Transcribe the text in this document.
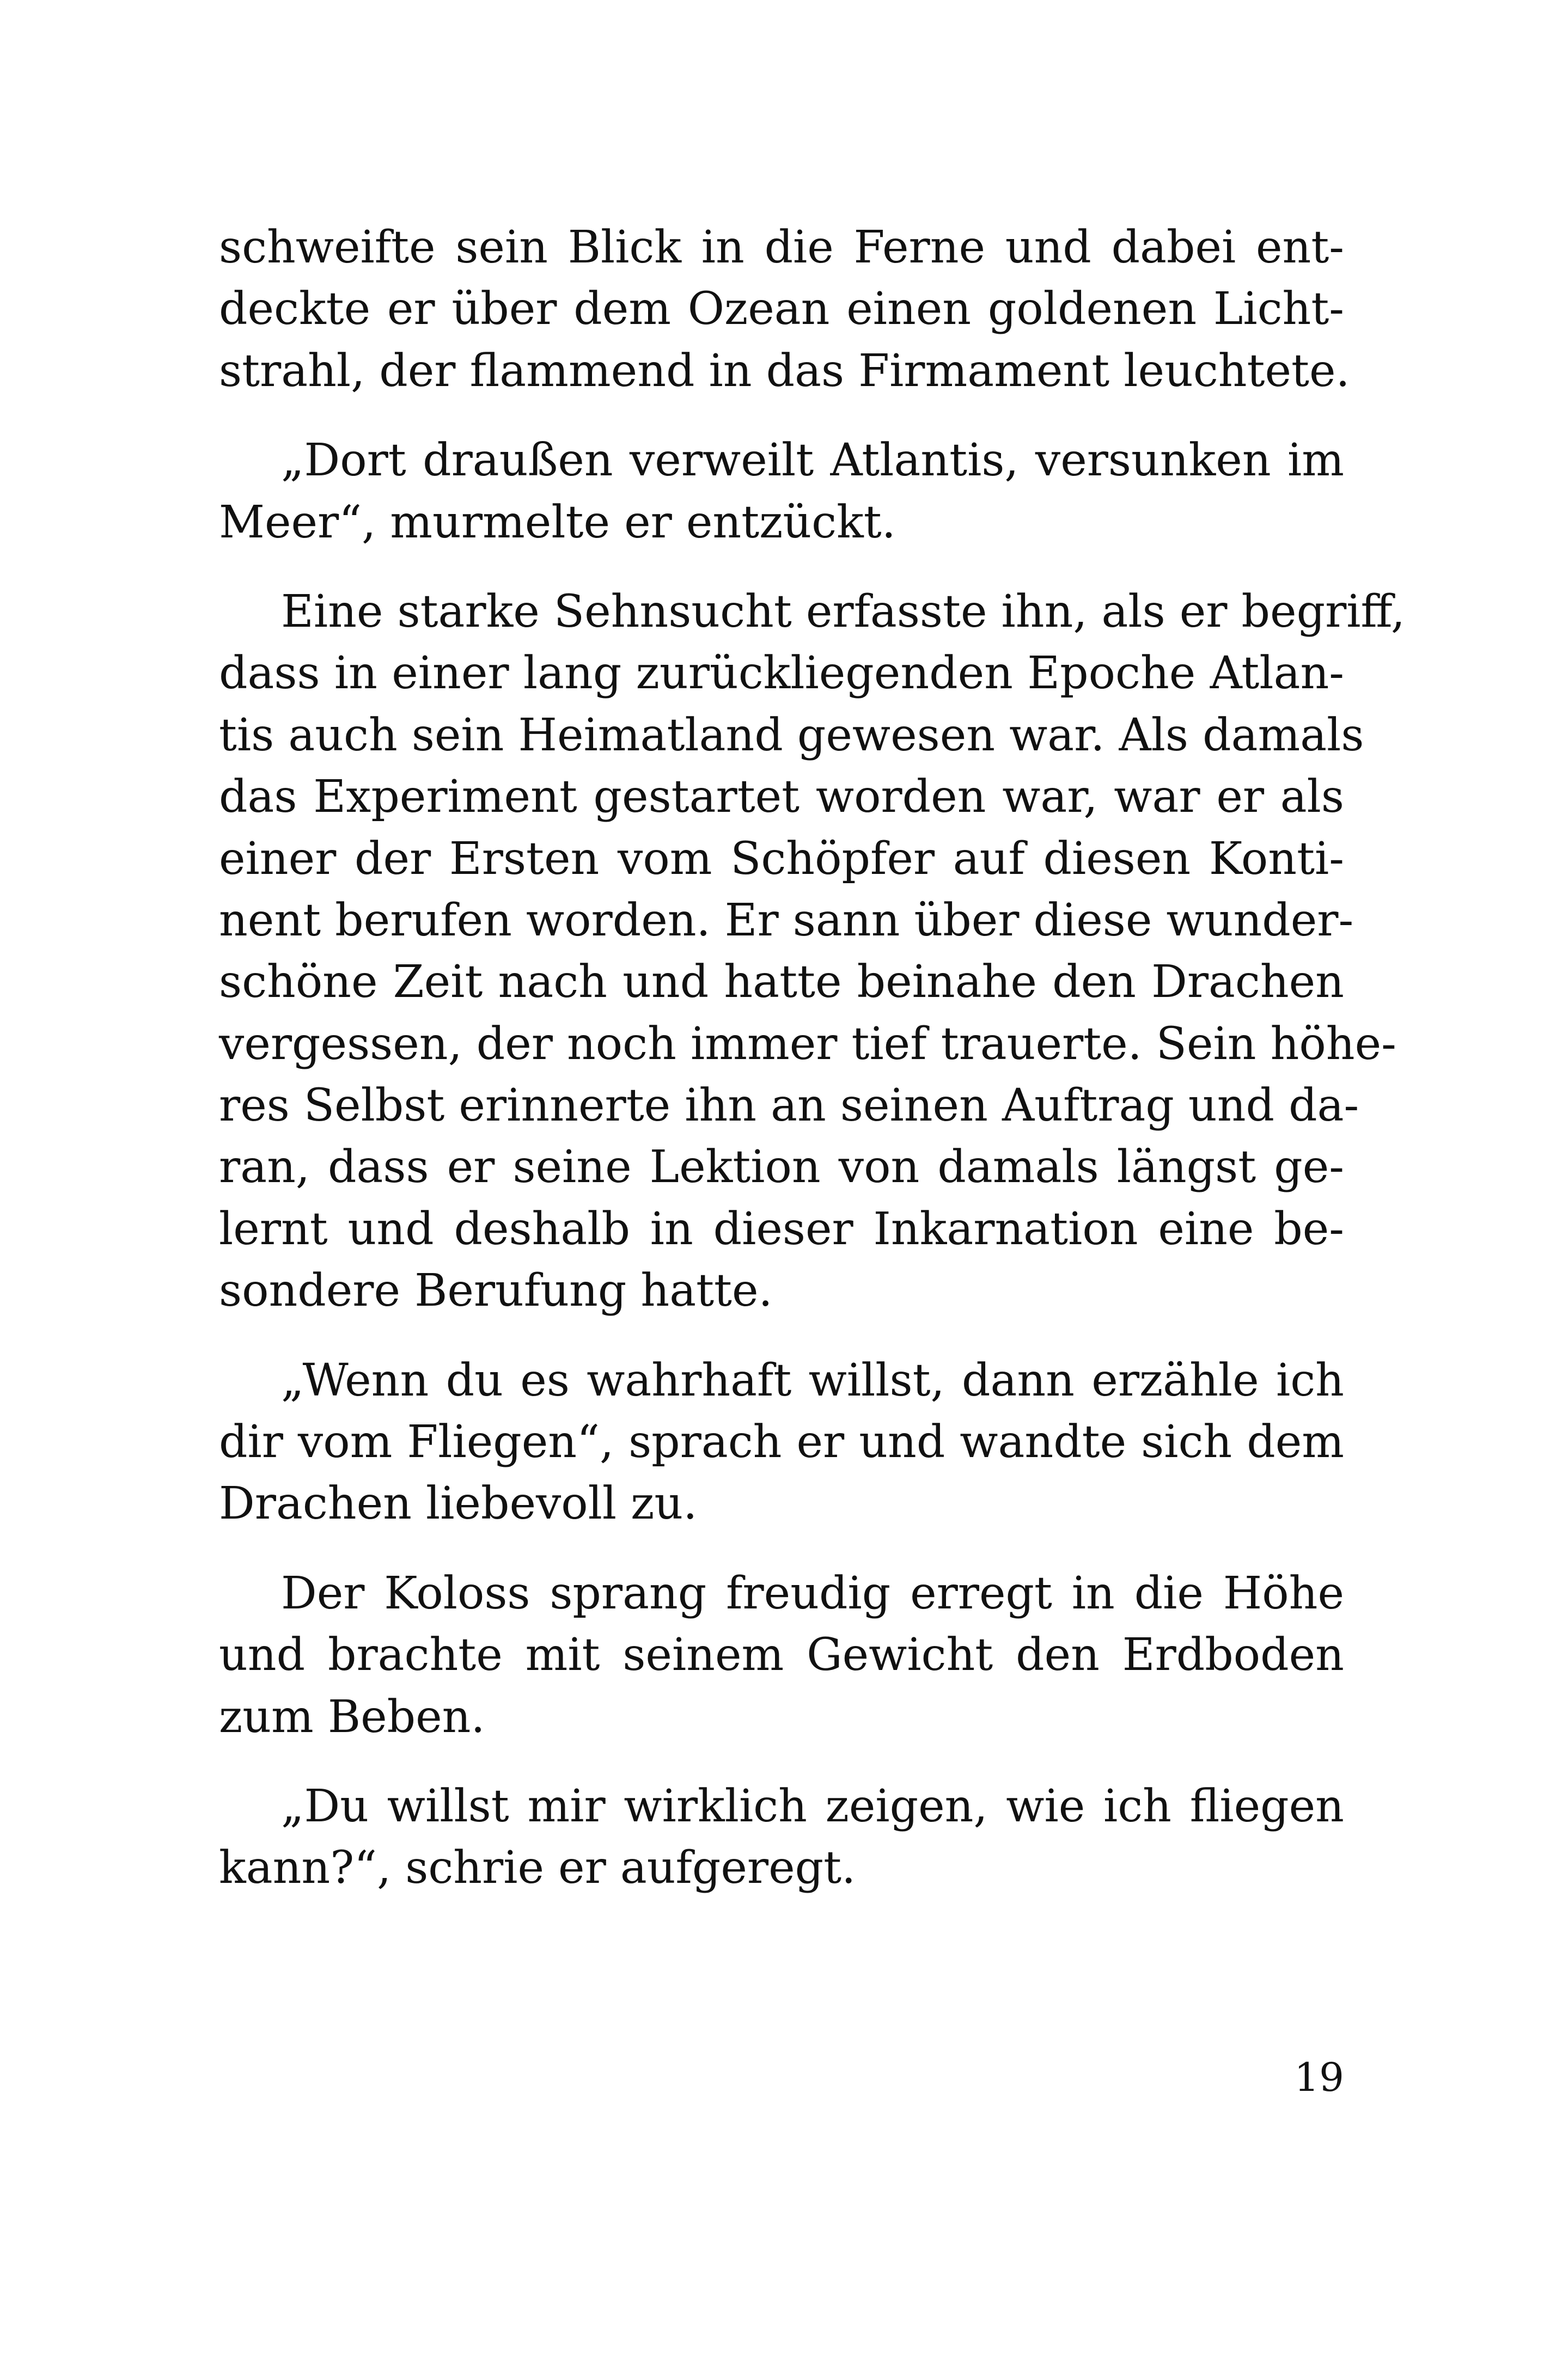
schweifte sein Blick in die Ferne und dabei ent-
deckte er über dem Ozean einen goldenen Licht-
strahl, der flammend in das Firmament leuchtete.
„Dort draußen verweilt Atlantis, versunken im
Meer“, murmelte er entzückt.
Eine starke Sehnsucht erfasste ihn, als er begriff,
dass in einer lang zurückliegenden Epoche Atlan-
tis auch sein Heimatland gewesen war. Als damals
das Experiment gestartet worden war, war er als
einer der Ersten vom Schöpfer auf diesen Konti-
nent berufen worden. Er sann über diese wunder-
schöne Zeit nach und hatte beinahe den Drachen
vergessen, der noch immer tief trauerte. Sein höhe-
res Selbst erinnerte ihn an seinen Auftrag und da-
ran, dass er seine Lektion von damals längst ge-
lernt und deshalb in dieser Inkarnation eine be-
sondere Berufung hatte.
„Wenn du es wahrhaft willst, dann erzähle ich
dir vom Fliegen“, sprach er und wandte sich dem
Drachen liebevoll zu.
Der Koloss sprang freudig erregt in die Höhe
und brachte mit seinem Gewicht den Erdboden
zum Beben.
„Du willst mir wirklich zeigen, wie ich fliegen
kann?“, schrie er aufgeregt.
19
